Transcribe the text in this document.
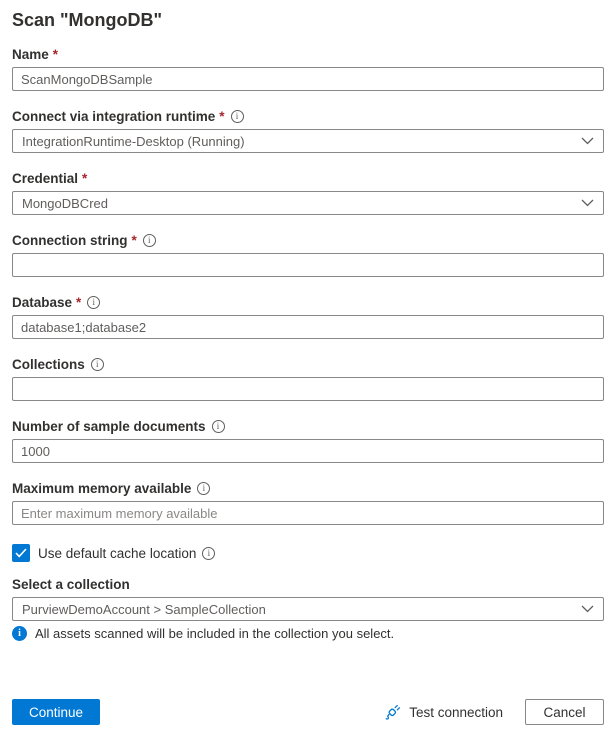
Scan "MongoDB"
Name *
ScanMongoDBSample
Connect via integration runtime *
i
IntegrationRuntime-Desktop (Running)
Credential *
MongoDBCred
Connection string *
i
Database *
i
database1;database2
Collections
i
Number of sample documents
i
1000
Maximum memory available
i
Enter maximum memory available
Use default cache location
i
Select a collection
PurviewDemoAccount > SampleCollection
i
All assets scanned will be included in the collection you select.
Continue	Test connection	Cancel
